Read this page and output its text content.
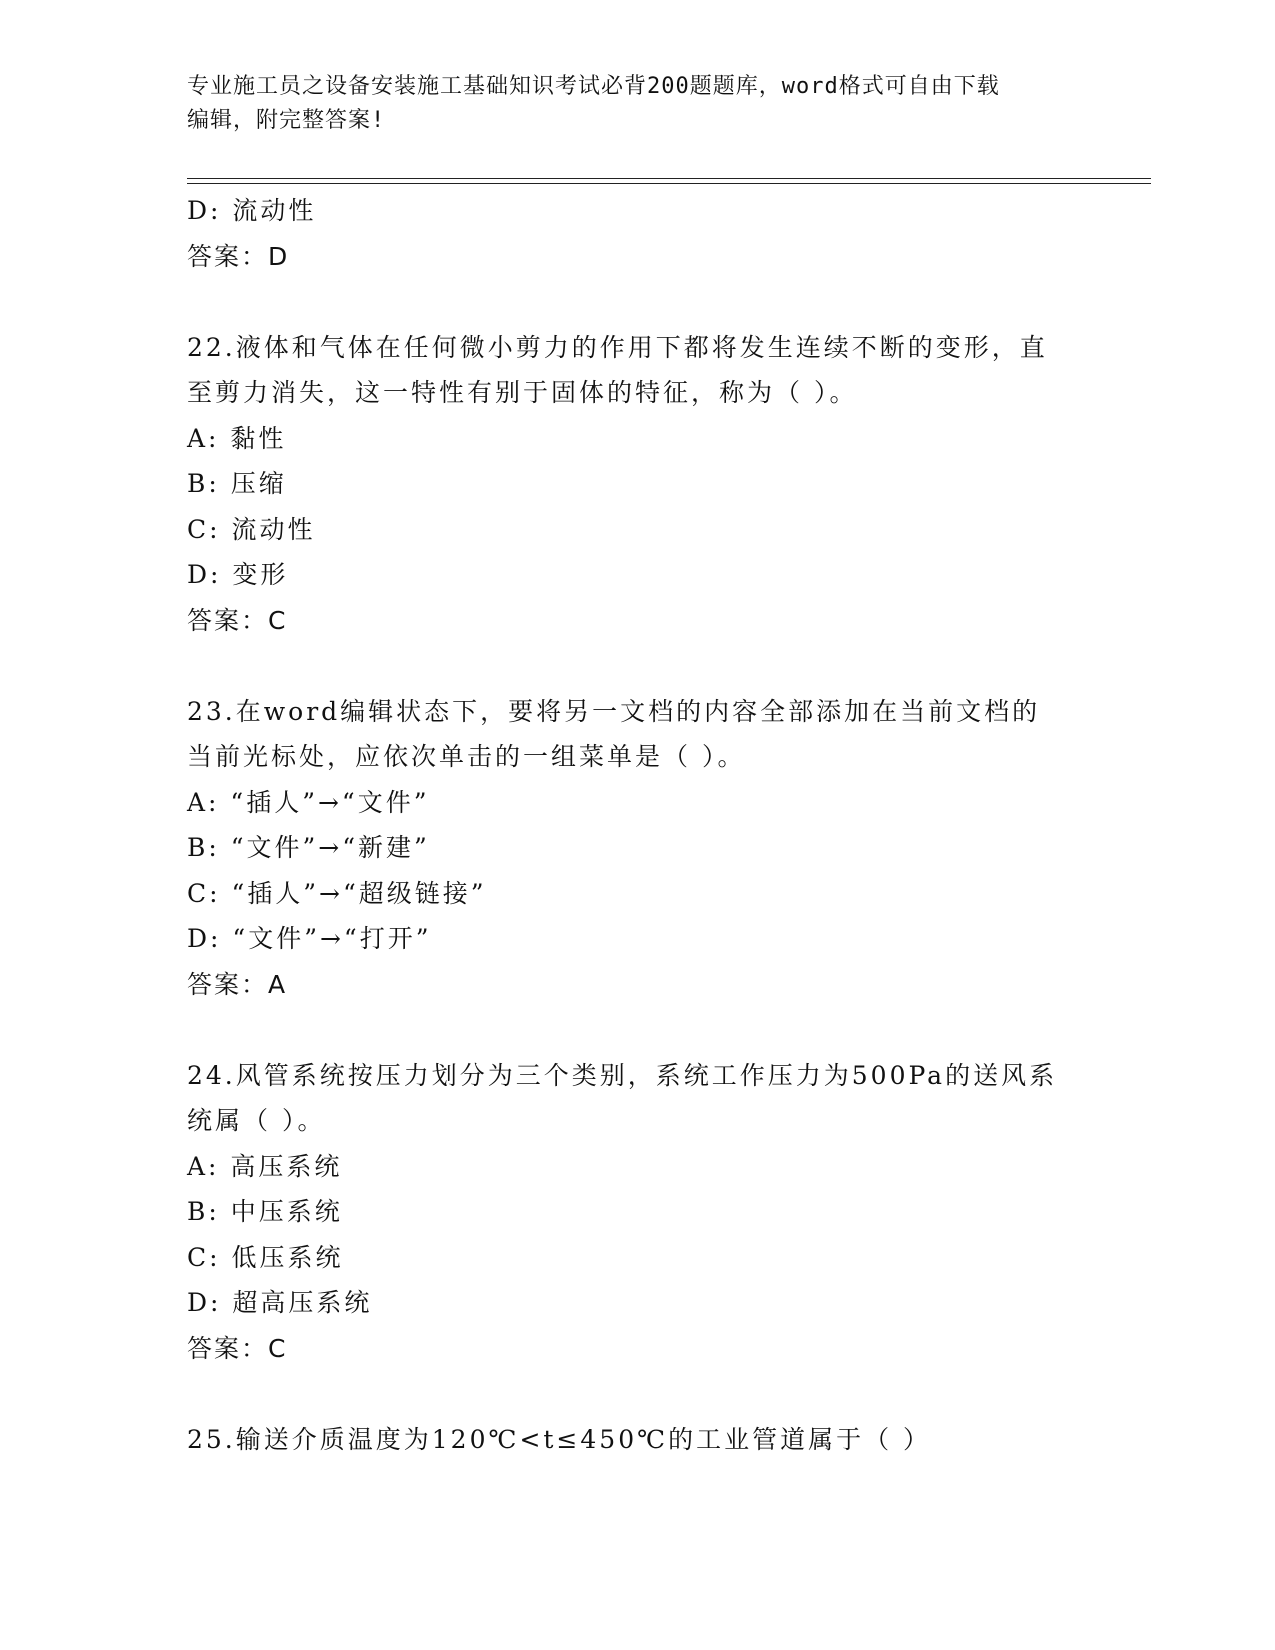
专业施工员之设备安装施工基础知识考试必背200题题库，word格式可自由下载
编辑，附完整答案!
D: 流动性
答案：D
22.液体和气体在任何微小剪力的作用下都将发生连续不断的变形，直
至剪力消失，这一特性有别于固体的特征，称为（ ）。
A: 黏性
B: 压缩
C: 流动性
D: 变形
答案：C
23.在word编辑状态下，要将另一文档的内容全部添加在当前文档的
当前光标处，应依次单击的一组菜单是（ ）。
A: “插人”→“文件”
B: “文件”→“新建”
C: “插人”→“超级链接”
D: “文件”→“打开”
答案：A
24.风管系统按压力划分为三个类别，系统工作压力为500Pa的送风系
统属（ ）。
A: 高压系统
B: 中压系统
C: 低压系统
D: 超高压系统
答案：C
25.输送介质温度为120℃<t≤450℃的工业管道属于（ ）
